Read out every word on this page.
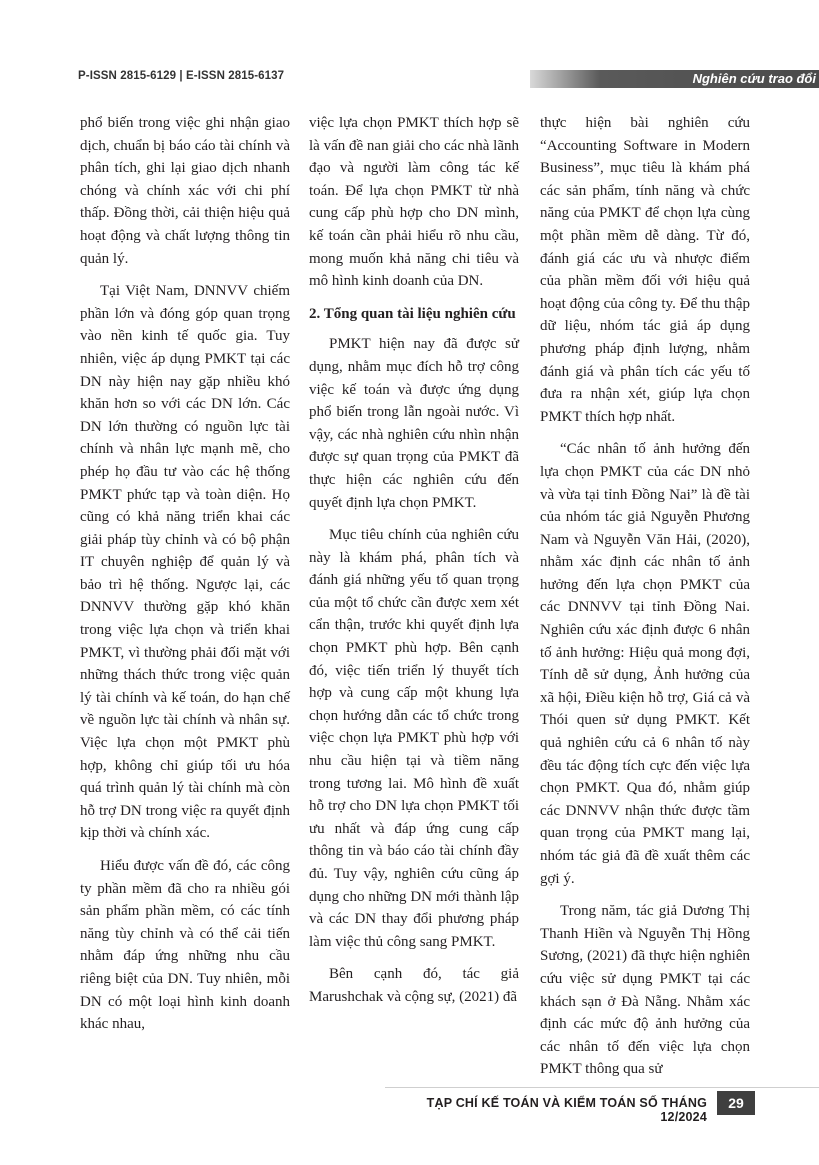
P-ISSN 2815-6129 | E-ISSN 2815-6137	Nghiên cứu trao đổi

phổ biến trong việc ghi nhận giao dịch, chuẩn bị báo cáo tài chính và phân tích, ghi lại giao dịch nhanh chóng và chính xác với chi phí thấp. Đồng thời, cải thiện hiệu quả hoạt động và chất lượng thông tin quản lý.

Tại Việt Nam, DNNVV chiếm phần lớn và đóng góp quan trọng vào nền kinh tế quốc gia. Tuy nhiên, việc áp dụng PMKT tại các DN này hiện nay gặp nhiều khó khăn hơn so với các DN lớn. Các DN lớn thường có nguồn lực tài chính và nhân lực mạnh mẽ, cho phép họ đầu tư vào các hệ thống PMKT phức tạp và toàn diện. Họ cũng có khả năng triển khai các giải pháp tùy chỉnh và có bộ phận IT chuyên nghiệp để quản lý và bảo trì hệ thống. Ngược lại, các DNNVV thường gặp khó khăn trong việc lựa chọn và triển khai PMKT, vì thường phải đối mặt với những thách thức trong việc quản lý tài chính và kế toán, do hạn chế về nguồn lực tài chính và nhân sự. Việc lựa chọn một PMKT phù hợp, không chỉ giúp tối ưu hóa quá trình quản lý tài chính mà còn hỗ trợ DN trong việc ra quyết định kịp thời và chính xác.

Hiểu được vấn đề đó, các công ty phần mềm đã cho ra nhiều gói sản phẩm phần mềm, có các tính năng tùy chỉnh và có thể cải tiến nhằm đáp ứng những nhu cầu riêng biệt của DN. Tuy nhiên, mỗi DN có một loại hình kinh doanh khác nhau,

việc lựa chọn PMKT thích hợp sẽ là vấn đề nan giải cho các nhà lãnh đạo và người làm công tác kế toán. Để lựa chọn PMKT từ nhà cung cấp phù hợp cho DN mình, kế toán cần phải hiểu rõ nhu cầu, mong muốn khả năng chi tiêu và mô hình kinh doanh của DN.

2. Tổng quan tài liệu nghiên cứu

PMKT hiện nay đã được sử dụng, nhằm mục đích hỗ trợ công việc kế toán và được ứng dụng phổ biến trong lẫn ngoài nước. Vì vậy, các nhà nghiên cứu nhìn nhận được sự quan trọng của PMKT đã thực hiện các nghiên cứu đến quyết định lựa chọn PMKT.

Mục tiêu chính của nghiên cứu này là khám phá, phân tích và đánh giá những yếu tố quan trọng của một tổ chức cần được xem xét cẩn thận, trước khi quyết định lựa chọn PMKT phù hợp. Bên cạnh đó, việc tiến triển lý thuyết tích hợp và cung cấp một khung lựa chọn hướng dẫn các tổ chức trong việc chọn lựa PMKT phù hợp với nhu cầu hiện tại và tiềm năng trong tương lai. Mô hình đề xuất hỗ trợ cho DN lựa chọn PMKT tối ưu nhất và đáp ứng cung cấp thông tin và báo cáo tài chính đầy đủ. Tuy vậy, nghiên cứu cũng áp dụng cho những DN mới thành lập và các DN thay đổi phương pháp làm việc thủ công sang PMKT.

Bên cạnh đó, tác giả Marushchak và cộng sự, (2021) đã

thực hiện bài nghiên cứu “Accounting Software in Modern Business”, mục tiêu là khám phá các sản phẩm, tính năng và chức năng của PMKT để chọn lựa cùng một phần mềm dễ dàng. Từ đó, đánh giá các ưu và nhược điểm của phần mềm đối với hiệu quả hoạt động của công ty. Để thu thập dữ liệu, nhóm tác giả áp dụng phương pháp định lượng, nhằm đánh giá và phân tích các yếu tố đưa ra nhận xét, giúp lựa chọn PMKT thích hợp nhất.

“Các nhân tố ảnh hưởng đến lựa chọn PMKT của các DN nhỏ và vừa tại tỉnh Đồng Nai” là đề tài của nhóm tác giả Nguyễn Phương Nam và Nguyễn Văn Hải, (2020), nhằm xác định các nhân tố ảnh hưởng đến lựa chọn PMKT của các DNNVV tại tỉnh Đồng Nai. Nghiên cứu xác định được 6 nhân tố ảnh hưởng: Hiệu quả mong đợi, Tính dễ sử dụng, Ảnh hưởng của xã hội, Điều kiện hỗ trợ, Giá cả và Thói quen sử dụng PMKT. Kết quả nghiên cứu cả 6 nhân tố này đều tác động tích cực đến việc lựa chọn PMKT. Qua đó, nhằm giúp các DNNVV nhận thức được tầm quan trọng của PMKT mang lại, nhóm tác giả đã đề xuất thêm các gợi ý.

Trong năm, tác giả Dương Thị Thanh Hiền và Nguyễn Thị Hồng Sương, (2021) đã thực hiện nghiên cứu việc sử dụng PMKT tại các khách sạn ở Đà Nẵng. Nhằm xác định các mức độ ảnh hưởng của các nhân tố đến việc lựa chọn PMKT thông qua sử

TẠP CHÍ KẾ TOÁN VÀ KIỂM TOÁN SỐ THÁNG 12/2024
29
